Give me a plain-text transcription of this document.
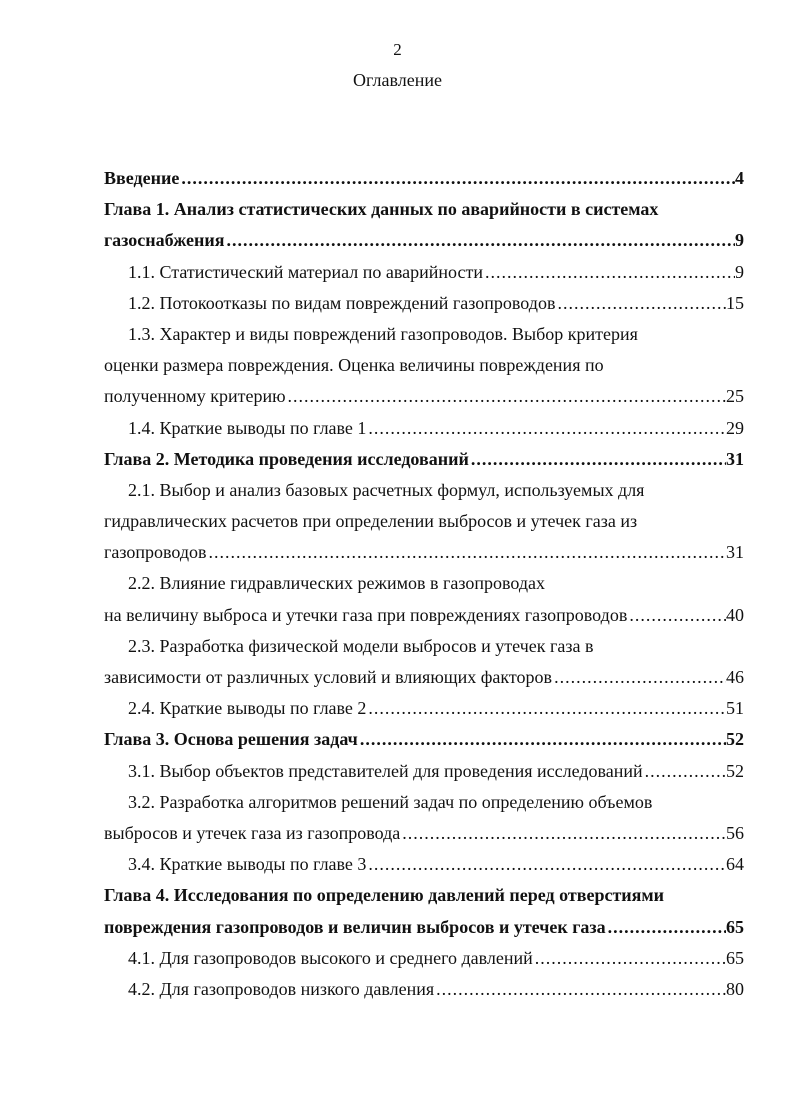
2
Оглавление
Введение .....	4
Глава 1. Анализ статистических данных по аварийности в системах
газоснабжения .....	9
1.1. Статистический материал по аварийности .....	9
1.2. Потокоотказы по видам повреждений газопроводов .....	15
1.3. Характер и виды повреждений газопроводов. Выбор критерия
оценки размера повреждения. Оценка величины повреждения по
полученному критерию .....	25
1.4. Краткие выводы по главе 1 .....	29
Глава 2. Методика проведения исследований .....	31
2.1. Выбор и анализ базовых расчетных формул, используемых для
гидравлических расчетов при определении выбросов и утечек газа из
газопроводов .....	31
2.2. Влияние гидравлических режимов в газопроводах
на величину выброса и утечки газа при повреждениях газопроводов .....	40
2.3. Разработка физической модели выбросов и утечек газа в
зависимости от различных условий и влияющих факторов .....	46
2.4. Краткие выводы по главе 2 .....	51
Глава 3. Основа решения задач .....	52
3.1. Выбор объектов представителей для проведения исследований .....	52
3.2. Разработка алгоритмов решений задач по определению объемов
выбросов и утечек газа из газопровода .....	56
3.4. Краткие выводы по главе 3 .....	64
Глава 4. Исследования по определению давлений перед отверстиями
повреждения газопроводов и величин выбросов и утечек газа .....	65
4.1. Для газопроводов высокого и среднего давлений .....	65
4.2. Для газопроводов низкого давления .....	80
